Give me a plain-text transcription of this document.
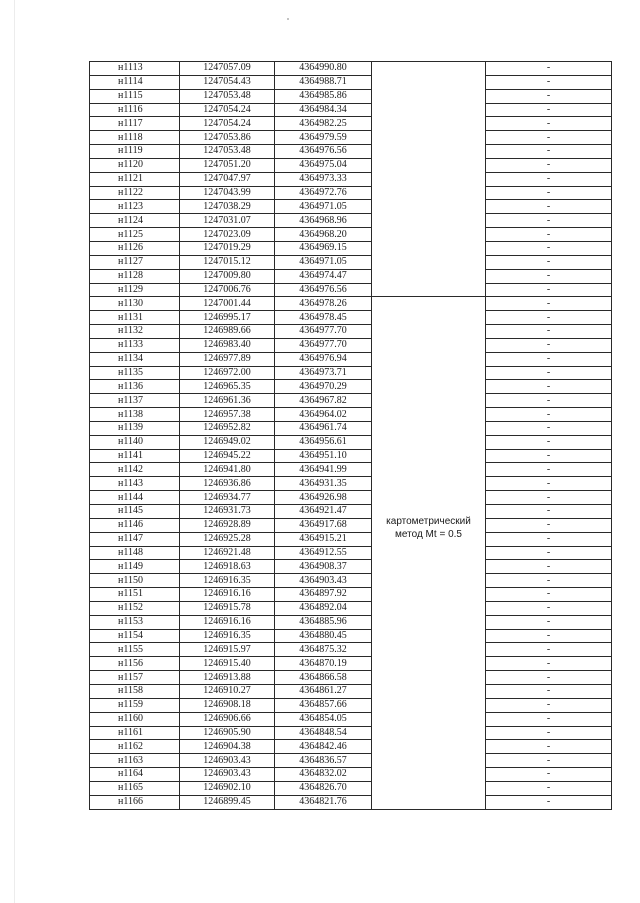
н1113	1247057.09	4364990.80		-
н1114	1247054.43	4364988.71		-
н1115	1247053.48	4364985.86		-
н1116	1247054.24	4364984.34		-
н1117	1247054.24	4364982.25		-
н1118	1247053.86	4364979.59		-
н1119	1247053.48	4364976.56		-
н1120	1247051.20	4364975.04		-
н1121	1247047.97	4364973.33		-
н1122	1247043.99	4364972.76		-
н1123	1247038.29	4364971.05		-
н1124	1247031.07	4364968.96		-
н1125	1247023.09	4364968.20		-
н1126	1247019.29	4364969.15		-
н1127	1247015.12	4364971.05		-
н1128	1247009.80	4364974.47		-
н1129	1247006.76	4364976.56		-
н1130	1247001.44	4364978.26	картометрический
метод Mt = 0.5	-
н1131	1246995.17	4364978.45		-
н1132	1246989.66	4364977.70		-
н1133	1246983.40	4364977.70		-
н1134	1246977.89	4364976.94		-
н1135	1246972.00	4364973.71		-
н1136	1246965.35	4364970.29		-
н1137	1246961.36	4364967.82		-
н1138	1246957.38	4364964.02		-
н1139	1246952.82	4364961.74		-
н1140	1246949.02	4364956.61		-
н1141	1246945.22	4364951.10		-
н1142	1246941.80	4364941.99		-
н1143	1246936.86	4364931.35		-
н1144	1246934.77	4364926.98		-
н1145	1246931.73	4364921.47		-
н1146	1246928.89	4364917.68		-
н1147	1246925.28	4364915.21		-
н1148	1246921.48	4364912.55		-
н1149	1246918.63	4364908.37		-
н1150	1246916.35	4364903.43		-
н1151	1246916.16	4364897.92		-
н1152	1246915.78	4364892.04		-
н1153	1246916.16	4364885.96		-
н1154	1246916.35	4364880.45		-
н1155	1246915.97	4364875.32		-
н1156	1246915.40	4364870.19		-
н1157	1246913.88	4364866.58		-
н1158	1246910.27	4364861.27		-
н1159	1246908.18	4364857.66		-
н1160	1246906.66	4364854.05		-
н1161	1246905.90	4364848.54		-
н1162	1246904.38	4364842.46		-
н1163	1246903.43	4364836.57		-
н1164	1246903.43	4364832.02		-
н1165	1246902.10	4364826.70		-
н1166	1246899.45	4364821.76		-
